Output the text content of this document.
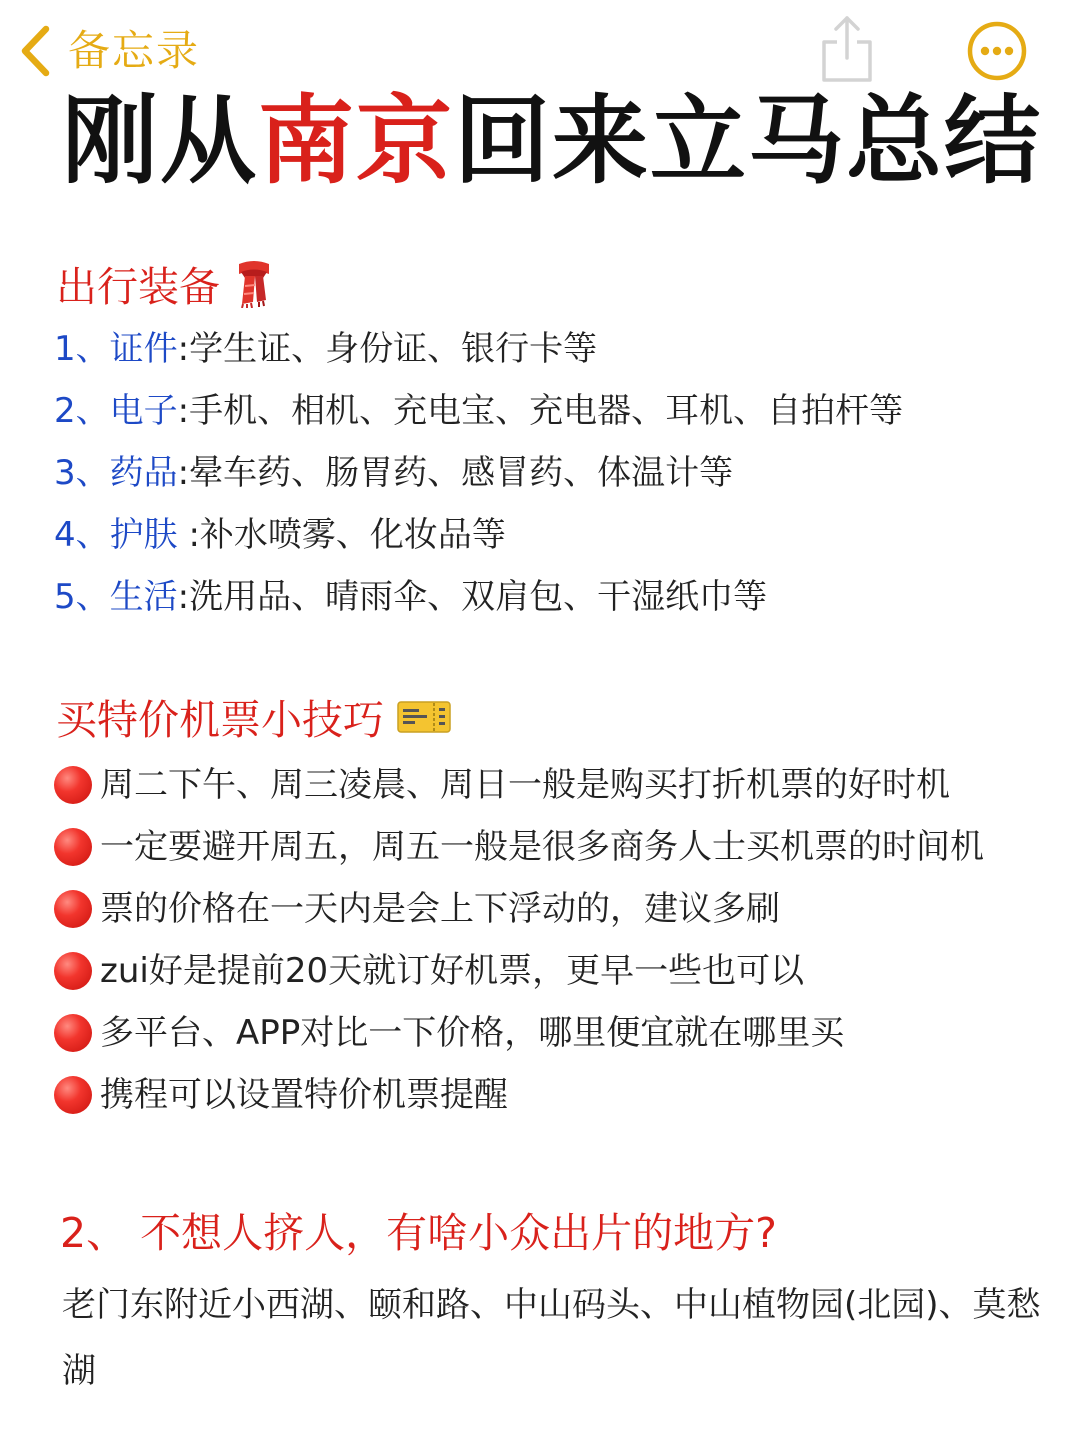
备忘录
刚从南京回来立马总结
出行装备
1、证件:学生证、身份证、银行卡等
2、电子:手机、相机、充电宝、充电器、耳机、自拍杆等
3、药品:晕车药、肠胃药、感冒药、体温计等
4、护肤 :补水喷雾、化妆品等
5、生活:洗用品、晴雨伞、双肩包、干湿纸巾等
买特价机票小技巧
周二下午、周三凌晨、周日一般是购买打折机票的好时机
一定要避开周五，周五一般是很多商务人士买机票的时间机
票的价格在一天内是会上下浮动的，建议多刷
zui好是提前20天就订好机票，更早一些也可以
多平台、APP对比一下价格，哪里便宜就在哪里买
携程可以设置特价机票提醒
2、 不想人挤人，有啥小众出片的地方?
老门东附近小西湖、颐和路、中山码头、中山植物园(北园)、莫愁湖
